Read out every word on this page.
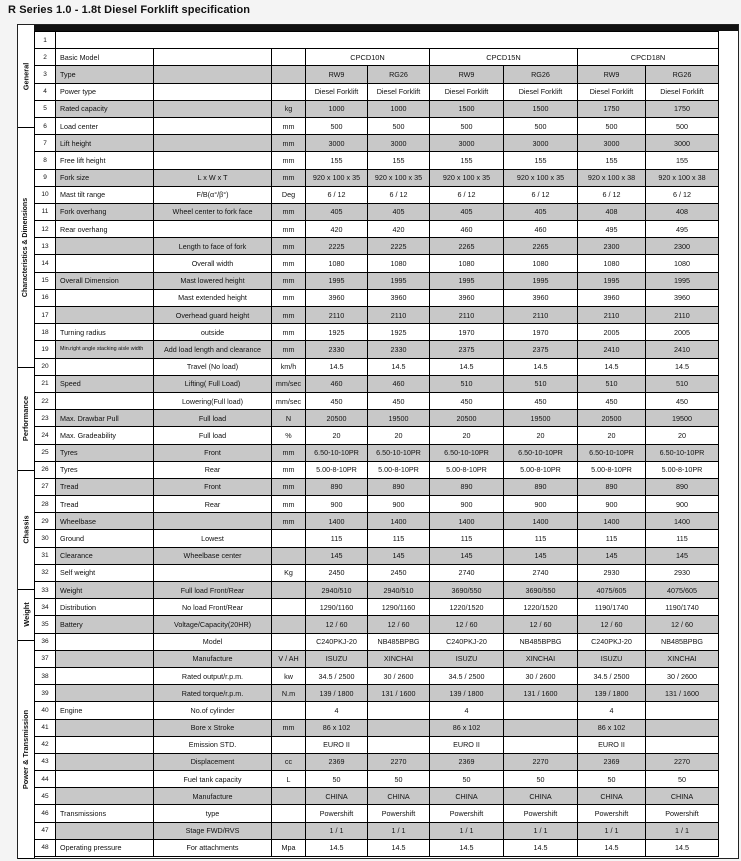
R Series 1.0 - 1.8t Diesel Forklift specification
General
Characteristics & Dimensions
Performance
Chassis
Weight
Power & Transmission
1									
2	Basic Model			CPCD10N		CPCD15N		CPCD18N	
3	Type			RW9	RG26	RW9	RG26	RW9	RG26
4	Power type			Diesel Forklift	Diesel Forklift	Diesel Forklift	Diesel Forklift	Diesel Forklift	Diesel Forklift
5	Rated capacity		kg	1000	1000	1500	1500	1750	1750
6	Load center		mm	500	500	500	500	500	500
7	Lift height		mm	3000	3000	3000	3000	3000	3000
8	Free lift height		mm	155	155	155	155	155	155
9	Fork size	L x W x T	mm	920 x 100 x 35	920 x 100 x 35	920 x 100 x 35	920 x 100 x 35	920 x 100 x 38	920 x 100 x 38
10	Mast tilt range	F/B(α°/β°)	Deg	6 / 12	6 / 12	6 / 12	6 / 12	6 / 12	6 / 12
11	Fork overhang	Wheel center to fork face	mm	405	405	405	405	408	408
12	Rear overhang		mm	420	420	460	460	495	495
13		Length to face of fork	mm	2225	2225	2265	2265	2300	2300
14		Overall width	mm	1080	1080	1080	1080	1080	1080
15	Overall Dimension	Mast lowered height	mm	1995	1995	1995	1995	1995	1995
16		Mast extended height	mm	3960	3960	3960	3960	3960	3960
17		Overhead guard height	mm	2110	2110	2110	2110	2110	2110
18	Turning radius	outside	mm	1925	1925	1970	1970	2005	2005
19	Min.right angle stacking aisle width	Add load length and clearance	mm	2330	2330	2375	2375	2410	2410
20		Travel (No load)	km/h	14.5	14.5	14.5	14.5	14.5	14.5
21	Speed	Lifting( Full Load)	mm/sec	460	460	510	510	510	510
22		Lowering(Full load)	mm/sec	450	450	450	450	450	450
23	Max. Drawbar Pull	Full load	N	20500	19500	20500	19500	20500	19500
24	Max. Gradeability	Full load	%	20	20	20	20	20	20
25	Tyres	Front	mm	6.50-10-10PR	6.50-10-10PR	6.50-10-10PR	6.50-10-10PR	6.50-10-10PR	6.50-10-10PR
26	Tyres	Rear	mm	5.00-8-10PR	5.00-8-10PR	5.00-8-10PR	5.00-8-10PR	5.00-8-10PR	5.00-8-10PR
27	Tread	Front	mm	890	890	890	890	890	890
28	Tread	Rear	mm	900	900	900	900	900	900
29	Wheelbase		mm	1400	1400	1400	1400	1400	1400
30	Ground	Lowest		115	115	115	115	115	115
31	Clearance	Wheelbase center		145	145	145	145	145	145
32	Self weight		Kg	2450	2450	2740	2740	2930	2930
33	Weight	Full load Front/Rear		2940/510	2940/510	3690/550	3690/550	4075/605	4075/605
34	Distribution	No load Front/Rear		1290/1160	1290/1160	1220/1520	1220/1520	1190/1740	1190/1740
35	Battery	Voltage/Capacity(20HR)		12 / 60	12 / 60	12 / 60	12 / 60	12 / 60	12 / 60
36		Model		C240PKJ-20	NB485BPBG	C240PKJ-20	NB485BPBG	C240PKJ-20	NB485BPBG
37		Manufacture	V / AH	ISUZU	XINCHAI	ISUZU	XINCHAI	ISUZU	XINCHAI
38		Rated output/r.p.m.	kw	34.5 / 2500	30 / 2600	34.5 / 2500	30 / 2600	34.5 / 2500	30 / 2600
39		Rated torque/r.p.m.	N.m	139 / 1800	131 / 1600	139 / 1800	131 / 1600	139 / 1800	131 / 1600
40	Engine	No.of cylinder		4		4		4	
41		Bore x Stroke	mm	86 x 102		86 x 102		86 x 102	
42		Emission STD.		EURO II		EURO II		EURO II	
43		Displacement	cc	2369	2270	2369	2270	2369	2270
44		Fuel tank capacity	L	50	50	50	50	50	50
45		Manufacture		CHINA	CHINA	CHINA	CHINA	CHINA	CHINA
46	Transmissions	type		Powershift	Powershift	Powershift	Powershift	Powershift	Powershift
47		Stage FWD/RVS		1 / 1	1 / 1	1 / 1	1 / 1	1 / 1	1 / 1
48	Operating pressure	For attachments	Mpa	14.5	14.5	14.5	14.5	14.5	14.5
